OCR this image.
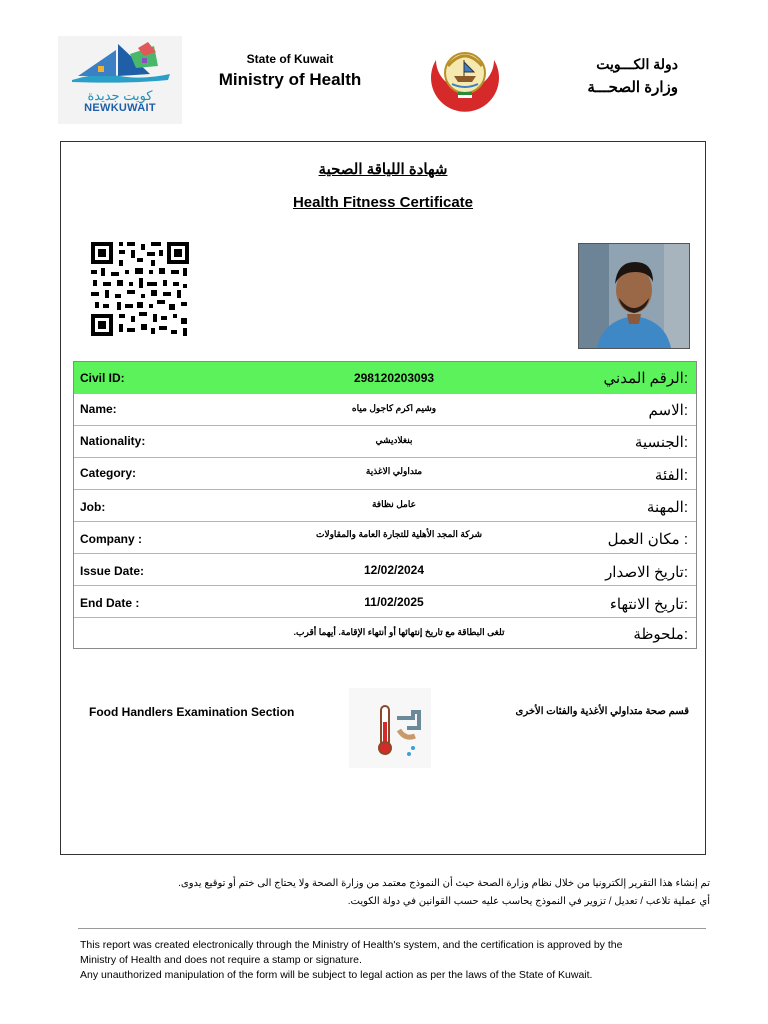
كويت جديدة
NEWKUWAIT
State of Kuwait
Ministry of Health
دولة الكـــويت
وزارة الصحـــة
شهادة اللياقة الصحية
Health Fitness Certificate
Civil ID:	298120203093	الرقم المدني:
Name:	وشيم اكرم كاجول مياه	الاسم:
Nationality:	بنغلاديشي	الجنسية:
Category:	متداولي الاغذية	الفئة:
Job:	عامل نظافة	المهنة:
Company :	شركة المجد الأهلية للتجارة العامة والمقاولات	مكان العمل :
Issue Date:	12/02/2024	تاريخ الاصدار:
End Date :	11/02/2025	تاريخ الانتهاء:
.تلغى البطاقة مع تاريخ إنتهائها أو أنتهاء الإقامة. أيهما أقرب	ملحوظة:
Food Handlers Examination Section	قسم صحة متداولي الأغذية والفئات الأخرى
تم إنشاء هذا التقرير إلكترونيا من خلال نظام وزارة الصحة حيث أن النموذج معتمد من وزارة الصحة ولا يحتاج الى ختم أو توقيع يدوى.
أي عملية تلاعب / تعديل / تزوير في النموذج يحاسب عليه حسب القوانين في دولة الكويت.
This report was created electronically through the Ministry of Health's system, and the certification is approved by the
Ministry of Health and does not require a stamp or signature.
Any unauthorized manipulation of the form will be subject to legal action as per the laws of the State of Kuwait.
